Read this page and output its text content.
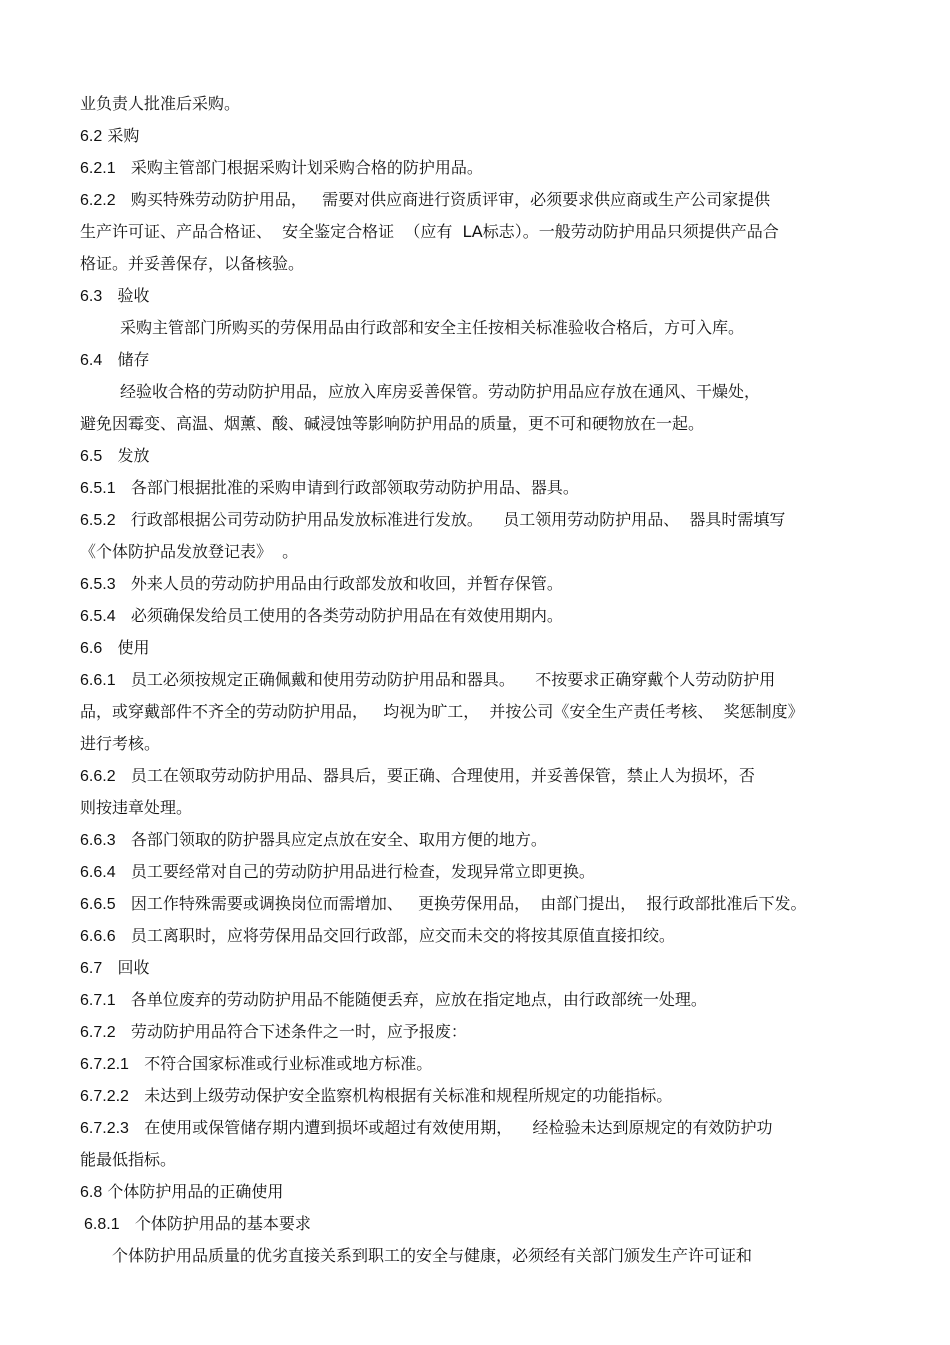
业负责人批准后采购。
6.2 采购
6.2.1   采购主管部门根据采购计划采购合格的防护用品。
6.2.2   购买特殊劳动防护用品，   需要对供应商进行资质评审，必须要求供应商或生产公司家提供
生产许可证、产品合格证、  安全鉴定合格证  （应有  LA标志）。一般劳动防护用品只须提供产品合
格证。并妥善保存，以备核验。
6.3   验收
采购主管部门所购买的劳保用品由行政部和安全主任按相关标准验收合格后，方可入库。
6.4   储存
经验收合格的劳动防护用品，应放入库房妥善保管。劳动防护用品应存放在通风、干燥处，
避免因霉变、高温、烟薰、酸、碱浸蚀等影响防护用品的质量，更不可和硬物放在一起。
6.5   发放
6.5.1   各部门根据批准的采购申请到行政部领取劳动防护用品、器具。
6.5.2   行政部根据公司劳动防护用品发放标准进行发放。    员工领用劳动防护用品、  器具时需填写
《个体防护品发放登记表》  。
6.5.3   外来人员的劳动防护用品由行政部发放和收回，并暂存保管。
6.5.4   必须确保发给员工使用的各类劳动防护用品在有效使用期内。
6.6   使用
6.6.1   员工必须按规定正确佩戴和使用劳动防护用品和器具。    不按要求正确穿戴个人劳动防护用
品，或穿戴部件不齐全的劳动防护用品，   均视为旷工，  并按公司《安全生产责任考核、  奖惩制度》
进行考核。
6.6.2   员工在领取劳动防护用品、器具后，要正确、合理使用，并妥善保管，禁止人为损坏，否
则按违章处理。
6.6.3   各部门领取的防护器具应定点放在安全、取用方便的地方。
6.6.4   员工要经常对自己的劳动防护用品进行检查，发现异常立即更换。
6.6.5   因工作特殊需要或调换岗位而需增加、   更换劳保用品，  由部门提出，  报行政部批准后下发。
6.6.6   员工离职时，应将劳保用品交回行政部，应交而未交的将按其原值直接扣绞。
6.7   回收
6.7.1   各单位废弃的劳动防护用品不能随便丢弃，应放在指定地点，由行政部统一处理。
6.7.2   劳动防护用品符合下述条件之一时，应予报废：
6.7.2.1   不符合国家标准或行业标准或地方标准。
6.7.2.2   未达到上级劳动保护安全监察机构根据有关标准和规程所规定的功能指标。
6.7.2.3   在使用或保管储存期内遭到损坏或超过有效使用期，    经检验未达到原规定的有效防护功
能最低指标。
6.8 个体防护用品的正确使用
6.8.1   个体防护用品的基本要求
个体防护用品质量的优劣直接关系到职工的安全与健康，必须经有关部门颁发生产许可证和
